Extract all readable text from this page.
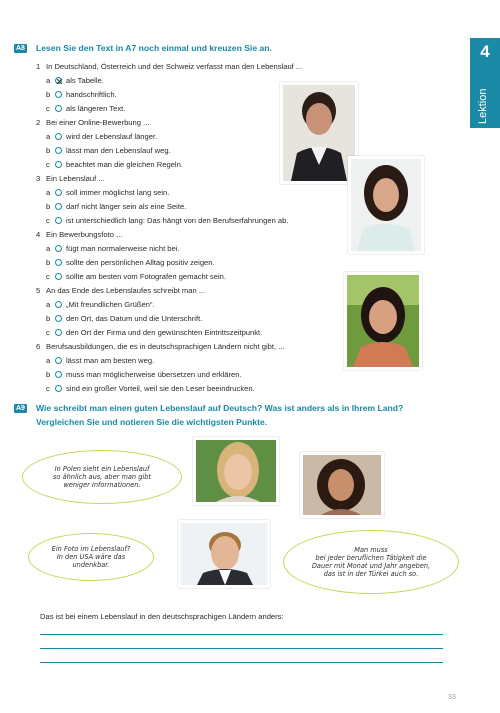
4
Lektion
A8 Lesen Sie den Text in A7 noch einmal und kreuzen Sie an.
1 In Deutschland, Österreich und der Schweiz verfasst man den Lebenslauf ...
a als Tabelle.
b handschriftlich.
c als längeren Text.
2 Bei einer Online-Bewerbung ...
a wird der Lebenslauf länger.
b lässt man den Lebenslauf weg.
c beachtet man die gleichen Regeln.
3 Ein Lebenslauf ...
a soll immer möglichst lang sein.
b darf nicht länger sein als eine Seite.
c ist unterschiedlich lang: Das hängt von den Berufserfahrungen ab.
4 Ein Bewerbungsfoto ...
a fügt man normalerweise nicht bei.
b sollte den persönlichen Alltag positiv zeigen.
c sollte am besten vom Fotografen gemacht sein.
5 An das Ende des Lebenslaufes schreibt man ...
a „Mit freundlichen Grüßen“.
b den Ort, das Datum und die Unterschrift.
c den Ort der Firma und den gewünschten Eintrittszeitpunkt.
6 Berufsausbildungen, die es in deutschsprachigen Ländern nicht gibt, ...
a lässt man am besten weg.
b muss man möglicherweise übersetzen und erklären.
c sind ein großer Vorteil, weil sie den Leser beeindrucken.
A9 Wie schreibt man einen guten Lebenslauf auf Deutsch? Was ist anders als in Ihrem Land?
Vergleichen Sie und notieren Sie die wichtigsten Punkte.
In Polen sieht ein Lebenslauf
so ähnlich aus, aber man gibt
weniger Informationen.
Ein Foto im Lebenslauf?
In den USA wäre das
undenkbar.
Man muss
bei jeder beruflichen Tätigkeit die
Dauer mit Monat und Jahr angeben,
das ist in der Türkei auch so.
Das ist bei einem Lebenslauf in den deutschsprachigen Ländern anders:
33
